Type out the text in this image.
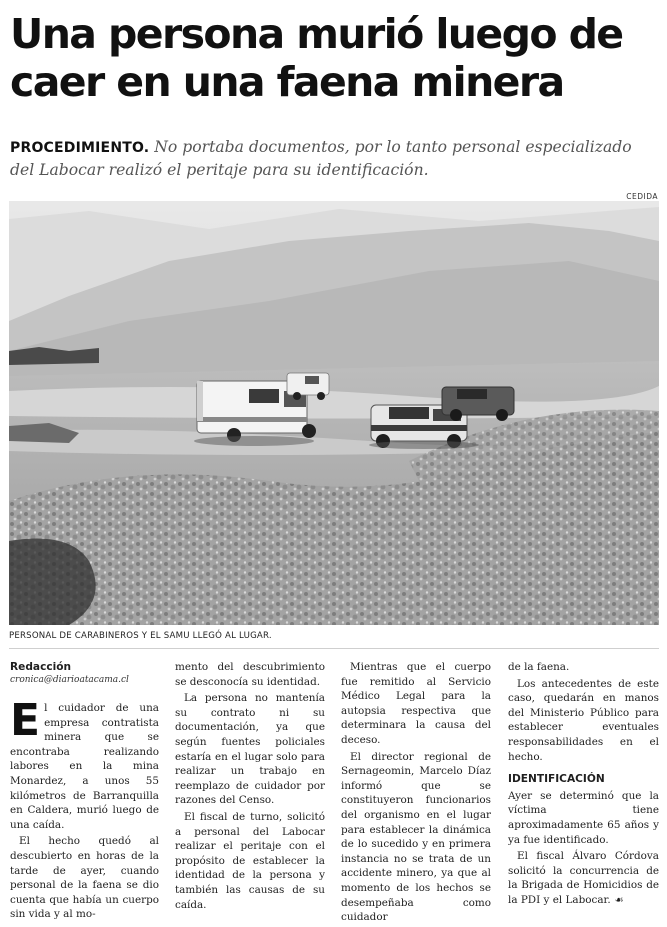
Una persona murió luego de caer en una faena minera
PROCEDIMIENTO. No portaba documentos, por lo tanto personal especializado del Labocar realizó el peritaje para su identificación.
CEDIDA
PERSONAL DE CARABINEROS Y EL SAMU LLEGÓ AL LUGAR.
Redacción
cronica@diarioatacama.cl

El cuidador de una empresa contratista minera que se encontraba realizando labores en la mina Monardez, a unos 55 kilómetros de Barranquilla en Caldera, murió luego de una caída.

El hecho quedó al descubierto en horas de la tarde de ayer, cuando personal de la faena se dio cuenta que había un cuerpo sin vida y al mo-

mento del descubrimiento se desconocía su identidad.

La persona no mantenía su contrato ni su documentación, ya que según fuentes policiales estaría en el lugar solo para realizar un trabajo en reemplazo de cuidador por razones del Censo.

El fiscal de turno, solicitó a personal del Labocar realizar el peritaje con el propósito de establecer la identidad de la persona y también las causas de su caída.

Mientras que el cuerpo fue remitido al Servicio Médico Legal para la autopsia respectiva que determinara la causa del deceso.

El director regional de Sernageomin, Marcelo Díaz informó que se constituyeron funcionarios del organismo en el lugar para establecer la dinámica de lo sucedido y en primera instancia no se trata de un accidente minero, ya que al momento de los hechos se desempeñaba como cuidador

de la faena.

Los antecedentes de este caso, quedarán en manos del Ministerio Público para establecer eventuales responsabilidades en el hecho.

IDENTIFICACIÓN

Ayer se determinó que la víctima tiene aproximadamente 65 años y ya fue identificado.

El fiscal Álvaro Córdova solicitó la concurrencia de la Brigada de Homicidios de la PDI y el Labocar. ☙
